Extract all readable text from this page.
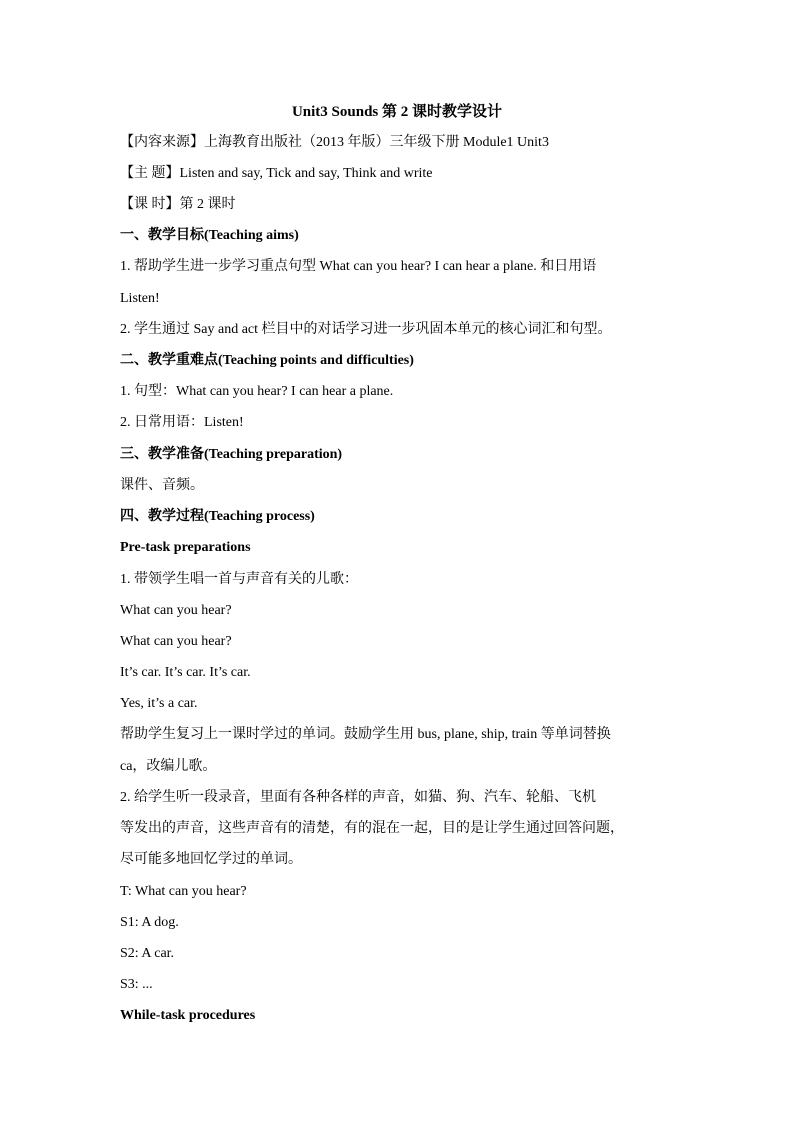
Unit3 Sounds 第 2 课时教学设计
【内容来源】上海教育出版社（2013 年版）三年级下册 Module1 Unit3
【主 题】Listen and say, Tick and say, Think and write
【课 时】第 2 课时
一、教学目标(Teaching aims)
1. 帮助学生进一步学习重点句型 What can you hear? I can hear a plane. 和日用语
Listen!
2. 学生通过 Say and act 栏目中的对话学习进一步巩固本单元的核心词汇和句型。
二、教学重难点(Teaching points and difficulties)
1. 句型：What can you hear? I can hear a plane.
2. 日常用语：Listen!
三、教学准备(Teaching preparation)
课件、音频。
四、教学过程(Teaching process)
Pre-task preparations
1. 带领学生唱一首与声音有关的儿歌：
What can you hear?
What can you hear?
It’s car. It’s car. It’s car.
Yes, it’s a car.
帮助学生复习上一课时学过的单词。鼓励学生用 bus, plane, ship, train 等单词替换
ca，改编儿歌。
2. 给学生听一段录音，里面有各种各样的声音，如猫、狗、汽车、轮船、飞机
等发出的声音，这些声音有的清楚，有的混在一起，目的是让学生通过回答问题，
尽可能多地回忆学过的单词。
T: What can you hear?
S1: A dog.
S2: A car.
S3: ...
While-task procedures
